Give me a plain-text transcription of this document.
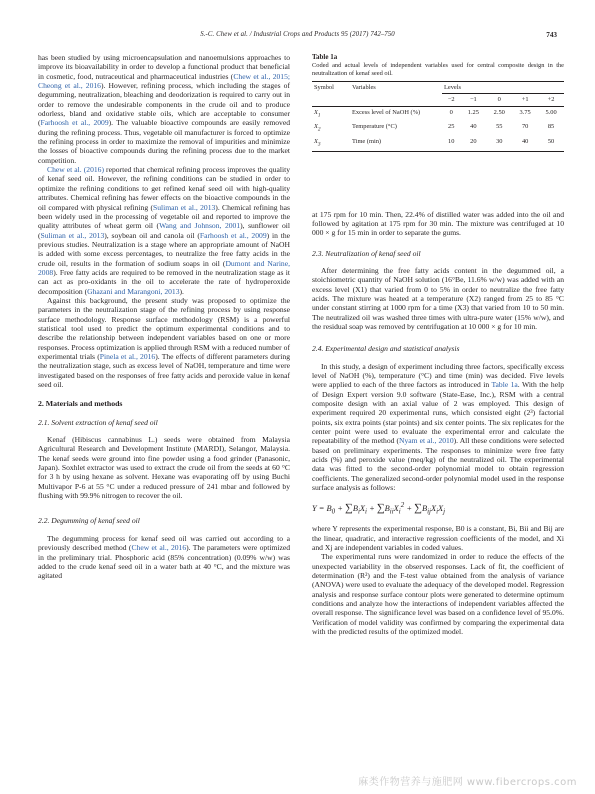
S.-C. Chew et al. / Industrial Crops and Products 95 (2017) 742–750	743

has been studied by using microencapsulation and nanoemulsions approaches to improve its bioavailability in order to develop a functional product that beneficial in cosmetic, food, nutraceutical and pharmaceutical industries (Chew et al., 2015; Cheong et al., 2016). However, refining process, which including the stages of degumming, neutralization, bleaching and deodorization is required to carry out in order to remove the undesirable components in the crude oil and to produce odorless, bland and oxidative stable oils, which are acceptable to consumer (Farhoosh et al., 2009). The valuable bioactive compounds are easily removed during the refining process. Thus, vegetable oil manufacturer is forced to optimize the refining process in order to maximize the removal of impurities and minimize the losses of bioactive compounds during the refining process due to the market competition.

Chew et al. (2016) reported that chemical refining process improves the quality of kenaf seed oil. However, the refining conditions can be studied in order to optimize the refining conditions to get refined kenaf seed oil with high-quality attributes. Chemical refining has fewer effects on the bioactive compounds in the oil compared with physical refining (Suliman et al., 2013). Chemical refining has been widely used in the processing of vegetable oil and reported to improve the quality attributes of wheat germ oil (Wang and Johnson, 2001), sunflower oil (Suliman et al., 2013), soybean oil and canola oil (Farhoosh et al., 2009) in the previous studies. Neutralization is a stage where an appropriate amount of NaOH is added with some excess percentages, to neutralize the free fatty acids in the crude oil, results in the formation of sodium soaps in oil (Dumont and Narine, 2008). Free fatty acids are required to be removed in the neutralization stage as it can act as pro-oxidants in the oil to accelerate the rate of hydroperoxide decomposition (Ghazani and Marangoni, 2013).

Against this background, the present study was proposed to optimize the parameters in the neutralization stage of the refining process by using response surface methodology. Response surface methodology (RSM) is a powerful statistical tool used to predict the optimum experimental conditions and to describe the relationship between independent variables based on one or more responses. Process optimization is applied through RSM with a reduced number of experimental trials (Pinela et al., 2016). The effects of different parameters during the neutralization stage, such as excess level of NaOH, temperature and time were investigated based on the responses of free fatty acids and peroxide value in kenaf seed oil.

2. Materials and methods
2.1. Solvent extraction of kenaf seed oil

Kenaf (Hibiscus cannabinus L.) seeds were obtained from Malaysia Agricultural Research and Development Institute (MARDI), Selangor, Malaysia. The kenaf seeds were ground into fine powder using a food grinder (Panasonic, Japan). Soxhlet extractor was used to extract the crude oil from the seeds at 60 °C for 3 h by using hexane as solvent. Hexane was evaporating off by using Buchi Multivapor P-6 at 55 °C under a reduced pressure of 241 mbar and followed by flushing with 99.9% nitrogen to recover the oil.

2.2. Degumming of kenaf seed oil

The degumming process for kenaf seed oil was carried out according to a previously described method (Chew et al., 2016). The parameters were optimized in the preliminary trial. Phosphoric acid (85% concentration) (0.09% w/w) was added to the crude kenaf seed oil in a water bath at 40 °C, and the mixture was agitated

Table 1a
Coded and actual levels of independent variables used for central composite design in the neutralization of kenaf seed oil.
Symbol	Variables	Levels				
		−2	−1	0	+1	+2
$X_1$	Excess level of NaOH (%)	0	1.25	2.50	3.75	5.00
$X_2$	Temperature (°C)	25	40	55	70	85
$X_3$	Time (min)	10	20	30	40	50

at 175 rpm for 10 min. Then, 22.4% of distilled water was added into the oil and followed by agitation at 175 rpm for 30 min. The mixture was centrifuged at 10 000 × g for 15 min in order to separate the gums.

2.3. Neutralization of kenaf seed oil

After determining the free fatty acids content in the degummed oil, a stoichiometric quantity of NaOH solution (16°Be, 11.6% w/w) was added with an excess level (X1) that varied from 0 to 5% in order to neutralize the free fatty acids. The mixture was heated at a temperature (X2) ranged from 25 to 85 °C under constant stirring at 1000 rpm for a time (X3) that varied from 10 to 50 min. The neutralized oil was washed three times with ultra-pure water (15% w/w), and the residual soap was removed by centrifugation at 10 000 × g for 10 min.

2.4. Experimental design and statistical analysis

In this study, a design of experiment including three factors, specifically excess level of NaOH (%), temperature (°C) and time (min) was decided. Five levels were applied to each of the three factors as introduced in Table 1a. With the help of Design Expert version 9.0 software (State-Ease, Inc.), RSM with a central composite design with an axial value of 2 was employed. This design of experiment required 20 experimental runs, which consisted eight (2³) factorial points, six extra points (star points) and six center points. The six replicates for the center point were used to evaluate the experimental error and calculate the repeatability of the method (Nyam et al., 2010). All these conditions were selected based on preliminary experiments. The responses to minimize were free fatty acids (%) and peroxide value (meq/kg) of the neutralized oil. The experimental data was fitted to the second-order polynomial model to obtain regression coefficients. The generalized second-order polynomial model used in the response surface analysis as follows:

$Y = B_0 + \sum B_iX_i + \sum B_{ii}X_i^2 + \sum B_{ij}X_iX_j$

where Y represents the experimental response, B0 is a constant, Bi, Bii and Bij are the linear, quadratic, and interactive regression coefficients of the model, and Xi and Xj are independent variables in coded values.

The experimental runs were randomized in order to reduce the effects of the unexpected variability in the observed responses. Lack of fit, the coefficient of determination (R²) and the F-test value obtained from the analysis of variance (ANOVA) were used to evaluate the adequacy of the developed model. Regression analysis and response surface contour plots were generated to determine optimum conditions and analyze how the interactions of independent variables affected the overall response. The significance level was based on a confidence level of 95.0%. Verification of model validity was confirmed by comparing the experimental data with the predicted results of the optimized model.

麻类作物营养与施肥网 www.fibercrops.com
